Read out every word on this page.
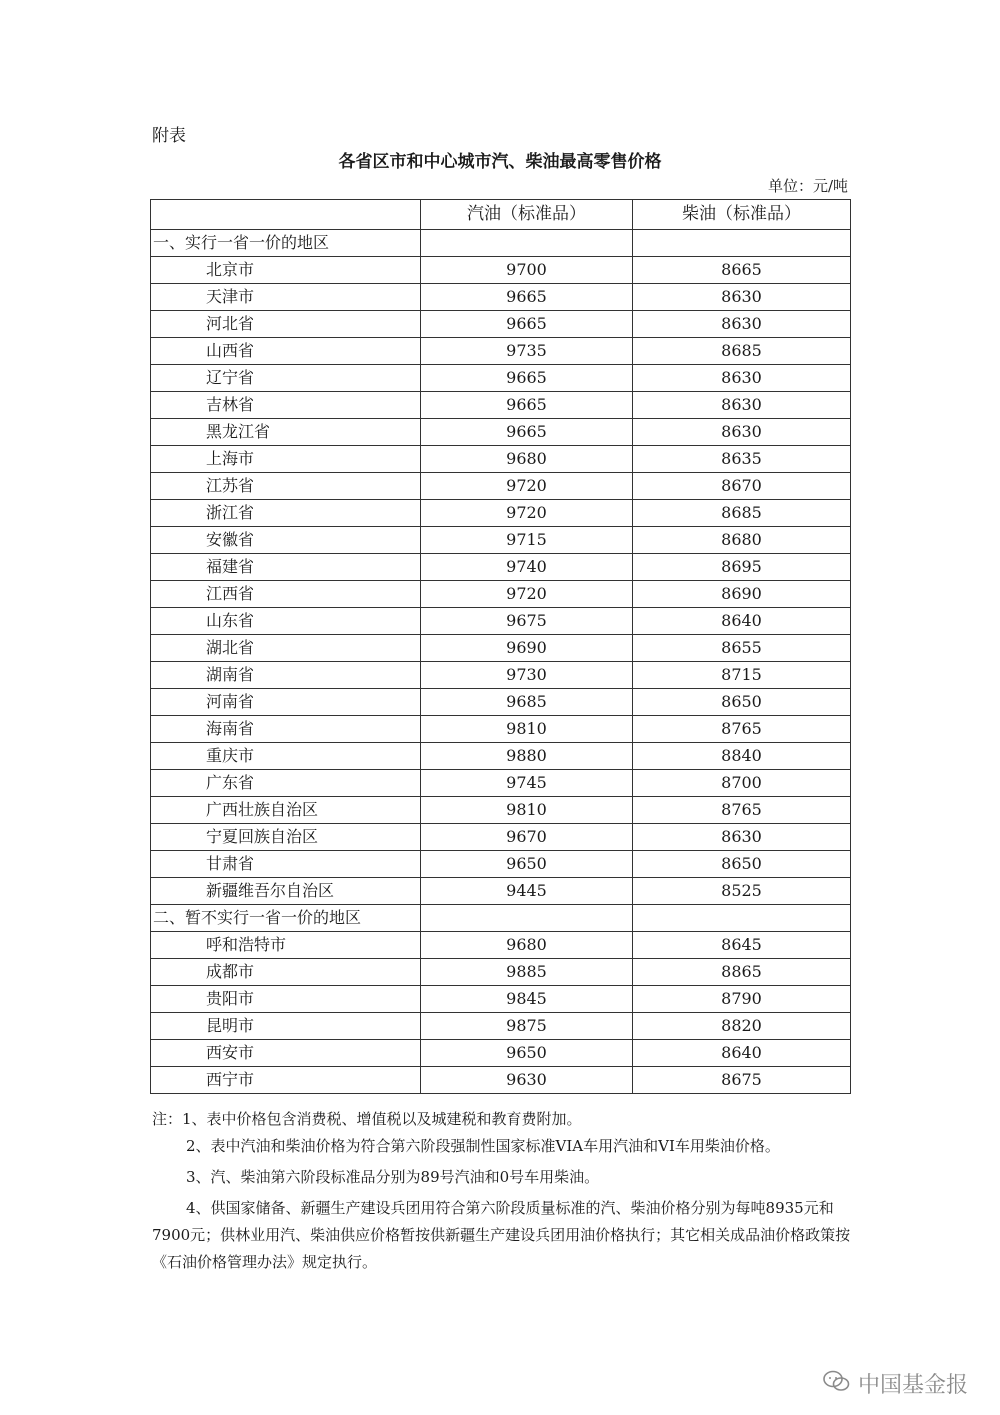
附表
各省区市和中心城市汽、柴油最高零售价格
单位：元/吨
	汽油（标准品）	柴油（标准品）
一、实行一省一价的地区		
北京市	9700	8665
天津市	9665	8630
河北省	9665	8630
山西省	9735	8685
辽宁省	9665	8630
吉林省	9665	8630
黑龙江省	9665	8630
上海市	9680	8635
江苏省	9720	8670
浙江省	9720	8685
安徽省	9715	8680
福建省	9740	8695
江西省	9720	8690
山东省	9675	8640
湖北省	9690	8655
湖南省	9730	8715
河南省	9685	8650
海南省	9810	8765
重庆市	9880	8840
广东省	9745	8700
广西壮族自治区	9810	8765
宁夏回族自治区	9670	8630
甘肃省	9650	8650
新疆维吾尔自治区	9445	8525
二、暂不实行一省一价的地区		
呼和浩特市	9680	8645
成都市	9885	8865
贵阳市	9845	8790
昆明市	9875	8820
西安市	9650	8640
西宁市	9630	8675

注：1、表中价格包含消费税、增值税以及城建税和教育费附加。

2、表中汽油和柴油价格为符合第六阶段强制性国家标准VIA车用汽油和VI车用柴油价格。

3、汽、柴油第六阶段标准品分别为89号汽油和0号车用柴油。

4、供国家储备、新疆生产建设兵团用符合第六阶段质量标准的汽、柴油价格分别为每吨8935元和7900元；供林业用汽、柴油供应价格暂按供新疆生产建设兵团用油价格执行；其它相关成品油价格政策按《石油价格管理办法》规定执行。

中国基金报
